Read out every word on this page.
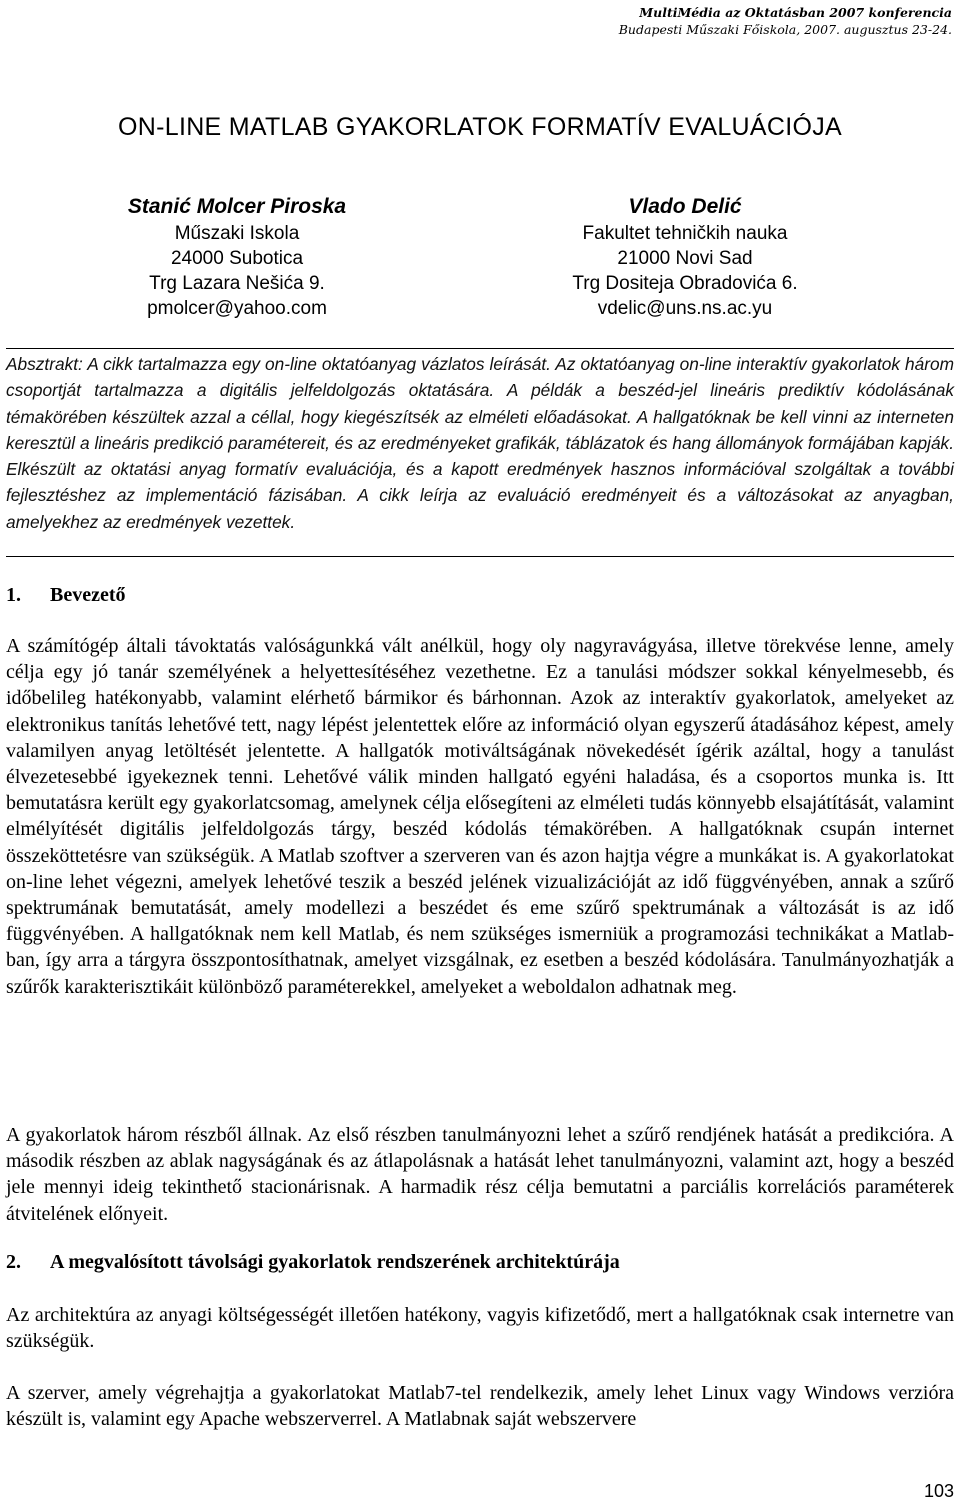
MultiMédia az Oktatásban 2007 konferencia
Budapesti Műszaki Főiskola, 2007. augusztus 23-24.
ON-LINE MATLAB GYAKORLATOK FORMATÍV EVALUÁCIÓJA
Stanić Molcer Piroska
Műszaki Iskola
24000 Subotica
Trg Lazara Nešića 9.
pmolcer@yahoo.com
Vlado Delić
Fakultet tehničkih nauka
21000 Novi Sad
Trg Dositeja Obradovića 6.
vdelic@uns.ns.ac.yu
Absztrakt: A cikk tartalmazza egy on-line oktatóanyag vázlatos leírását. Az oktatóanyag on-line interaktív gyakorlatok három csoportját tartalmazza a digitális jelfeldolgozás oktatására. A példák a beszéd-jel lineáris prediktív kódolásának témakörében készültek azzal a céllal, hogy kiegészítsék az elméleti előadásokat. A hallgatóknak be kell vinni az interneten keresztül a lineáris predikció paramétereit, és az eredményeket grafikák, táblázatok és hang állományok formájában kapják. Elkészült az oktatási anyag formatív evaluációja, és a kapott eredmények hasznos információval szolgáltak a további fejlesztéshez az implementáció fázisában. A cikk leírja az evaluáció eredményeit és a változásokat az anyagban, amelyekhez az eredmények vezettek.
1. Bevezető
A számítógép általi távoktatás valóságunkká vált anélkül, hogy oly nagyravágyása, illetve törekvése lenne, amely célja egy jó tanár személyének a helyettesítéséhez vezethetne. Ez a tanulási módszer sokkal kényelmesebb, és időbelileg hatékonyabb, valamint elérhető bármikor és bárhonnan. Azok az interaktív gyakorlatok, amelyeket az elektronikus tanítás lehetővé tett, nagy lépést jelentettek előre az információ olyan egyszerű átadásához képest, amely valamilyen anyag letöltését jelentette. A hallgatók motiváltságának növekedését ígérik azáltal, hogy a tanulást élvezetesebbé igyekeznek tenni. Lehetővé válik minden hallgató egyéni haladása, és a csoportos munka is. Itt bemutatásra került egy gyakorlatcsomag, amelynek célja elősegíteni az elméleti tudás könnyebb elsajátítását, valamint elmélyítését digitális jelfeldolgozás tárgy, beszéd kódolás témakörében. A hallgatóknak csupán internet összeköttetésre van szükségük. A Matlab szoftver a szerveren van és azon hajtja végre a munkákat is. A gyakorlatokat on-line lehet végezni, amelyek lehetővé teszik a beszéd jelének vizualizációját az idő függvényében, annak a szűrő spektrumának bemutatását, amely modellezi a beszédet és eme szűrő spektrumának a változását is az idő függvényében. A hallgatóknak nem kell Matlab, és nem szükséges ismerniük a programozási technikákat a Matlab-ban, így arra a tárgyra összpontosíthatnak, amelyet vizsgálnak, ez esetben a beszéd kódolására. Tanulmányozhatják a szűrők karakterisztikáit különböző paraméterekkel, amelyeket a weboldalon adhatnak meg.
A gyakorlatok három részből állnak. Az első részben tanulmányozni lehet a szűrő rendjének hatását a predikcióra. A második részben az ablak nagyságának és az átlapolásnak a hatását lehet tanulmányozni, valamint azt, hogy a beszéd jele mennyi ideig tekinthető stacionárisnak. A harmadik rész célja bemutatni a parciális korrelációs paraméterek átvitelének előnyeit.
2. A megvalósított távolsági gyakorlatok rendszerének architektúrája
Az architektúra az anyagi költségességét illetően hatékony, vagyis kifizetődő, mert a hallgatóknak csak internetre van szükségük.
A szerver, amely végrehajtja a gyakorlatokat Matlab7-tel rendelkezik, amely lehet Linux vagy Windows verzióra készült is, valamint egy Apache webszerverrel. A Matlabnak saját webszervere
103
